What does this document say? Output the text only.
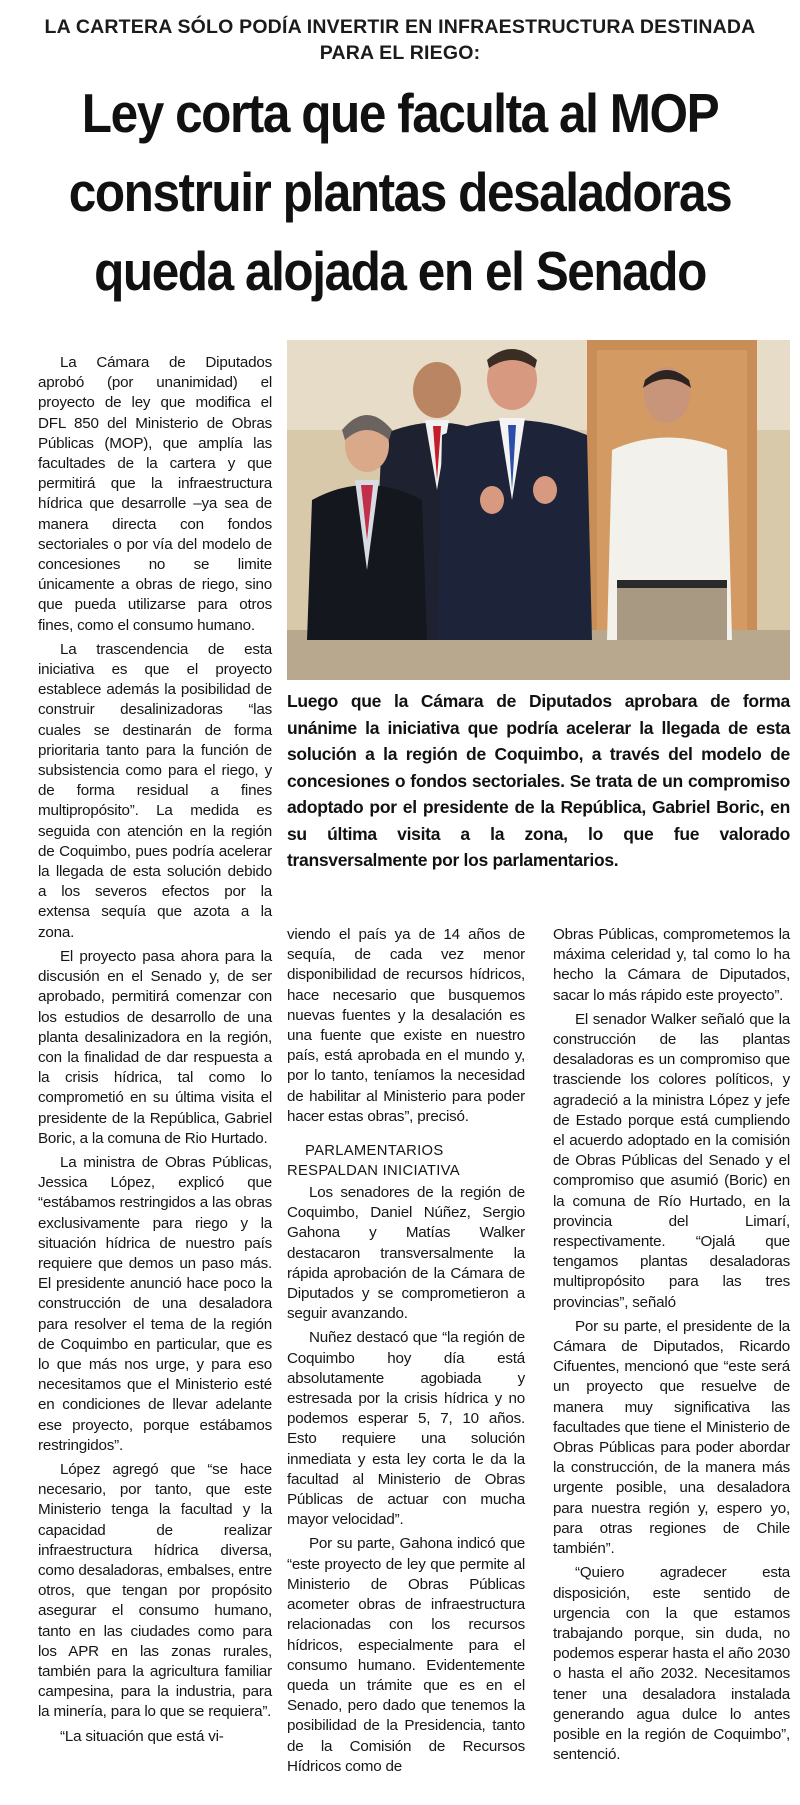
LA CARTERA SÓLO PODÍA INVERTIR EN INFRAESTRUCTURA DESTINADA PARA EL RIEGO:
Ley corta que faculta al MOP
construir plantas desaladoras
queda alojada en el Senado

La Cámara de Diputados aprobó (por unanimidad) el proyecto de ley que modifica el DFL 850 del Ministerio de Obras Públicas (MOP), que amplía las facultades de la cartera y que permitirá que la infraestructura hídrica que desarrolle –ya sea de manera directa con fondos sectoriales o por vía del modelo de concesiones no se limite únicamente a obras de riego, sino que pueda utilizarse para otros fines, como el consumo humano.

La trascendencia de esta iniciativa es que el proyecto establece además la posibilidad de construir desalinizadoras “las cuales se destinarán de forma prioritaria tanto para la función de subsistencia como para el riego, y de forma residual a fines multipropósito”. La medida es seguida con atención en la región de Coquimbo, pues podría acelerar la llegada de esta solución debido a los severos efectos por la extensa sequía que azota a la zona.

El proyecto pasa ahora para la discusión en el Senado y, de ser aprobado, permitirá comenzar con los estudios de desarrollo de una planta desalinizadora en la región, con la finalidad de dar respuesta a la crisis hídrica, tal como lo comprometió en su última visita el presidente de la República, Gabriel Boric, a la comuna de Rio Hurtado.

La ministra de Obras Públicas, Jessica López, explicó que “estábamos restringidos a las obras exclusivamente para riego y la situación hídrica de nuestro país requiere que demos un paso más. El presidente anunció hace poco la construcción de una desaladora para resolver el tema de la región de Coquimbo en particular, que es lo que más nos urge, y para eso necesitamos que el Ministerio esté en condiciones de llevar adelante ese proyecto, porque estábamos restringidos”.

López agregó que “se hace necesario, por tanto, que este Ministerio tenga la facultad y la capacidad de realizar infraestructura hídrica diversa, como desaladoras, embalses, entre otros, que tengan por propósito asegurar el consumo humano, tanto en las ciudades como para los APR en las zonas rurales, también para la agricultura familiar campesina, para la industria, para la minería, para lo que se requiera”.

“La situación que está vi-

Luego que la Cámara de Diputados aprobara de forma unánime la iniciativa que podría acelerar la llegada de esta solución a la región de Coquimbo, a través del modelo de concesiones o fondos sectoriales. Se trata de un compromiso adoptado por el presidente de la República, Gabriel Boric, en su última visita a la zona, lo que fue valorado transversalmente por los parlamentarios.

viendo el país ya de 14 años de sequía, de cada vez menor disponibilidad de recursos hídricos, hace necesario que busquemos nuevas fuentes y la desalación es una fuente que existe en nuestro país, está aprobada en el mundo y, por lo tanto, teníamos la necesidad de habilitar al Ministerio para poder hacer estas obras”, precisó.

PARLAMENTARIOS RESPALDAN INICIATIVA

Los senadores de la región de Coquimbo, Daniel Núñez, Sergio Gahona y Matías Walker destacaron transversalmente la rápida aprobación de la Cámara de Diputados y se comprometieron a seguir avanzando.

Nuñez destacó que “la región de Coquimbo hoy día está absolutamente agobiada y estresada por la crisis hídrica y no podemos esperar 5, 7, 10 años. Esto requiere una solución inmediata y esta ley corta le da la facultad al Ministerio de Obras Públicas de actuar con mucha mayor velocidad”.

Por su parte, Gahona indicó que “este proyecto de ley que permite al Ministerio de Obras Públicas acometer obras de infraestructura relacionadas con los recursos hídricos, especialmente para el consumo humano. Evidentemente queda un trámite que es en el Senado, pero dado que tenemos la posibilidad de la Presidencia, tanto de la Comisión de Recursos Hídricos como de

Obras Públicas, comprometemos la máxima celeridad y, tal como lo ha hecho la Cámara de Diputados, sacar lo más rápido este proyecto”.

El senador Walker señaló que la construcción de las plantas desaladoras es un compromiso que trasciende los colores políticos, y agradeció a la ministra López y jefe de Estado porque está cumpliendo el acuerdo adoptado en la comisión de Obras Públicas del Senado y el compromiso que asumió (Boric) en la comuna de Río Hurtado, en la provincia del Limarí, respectivamente. “Ojalá que tengamos plantas desaladoras multipropósito para las tres provincias”, señaló

Por su parte, el presidente de la Cámara de Diputados, Ricardo Cifuentes, mencionó que “este será un proyecto que resuelve de manera muy significativa las facultades que tiene el Ministerio de Obras Públicas para poder abordar la construcción, de la manera más urgente posible, una desaladora para nuestra región y, espero yo, para otras regiones de Chile también”.

“Quiero agradecer esta disposición, este sentido de urgencia con la que estamos trabajando porque, sin duda, no podemos esperar hasta el año 2030 o hasta el año 2032. Necesitamos tener una desaladora instalada generando agua dulce lo antes posible en la región de Coquimbo”, sentenció.
